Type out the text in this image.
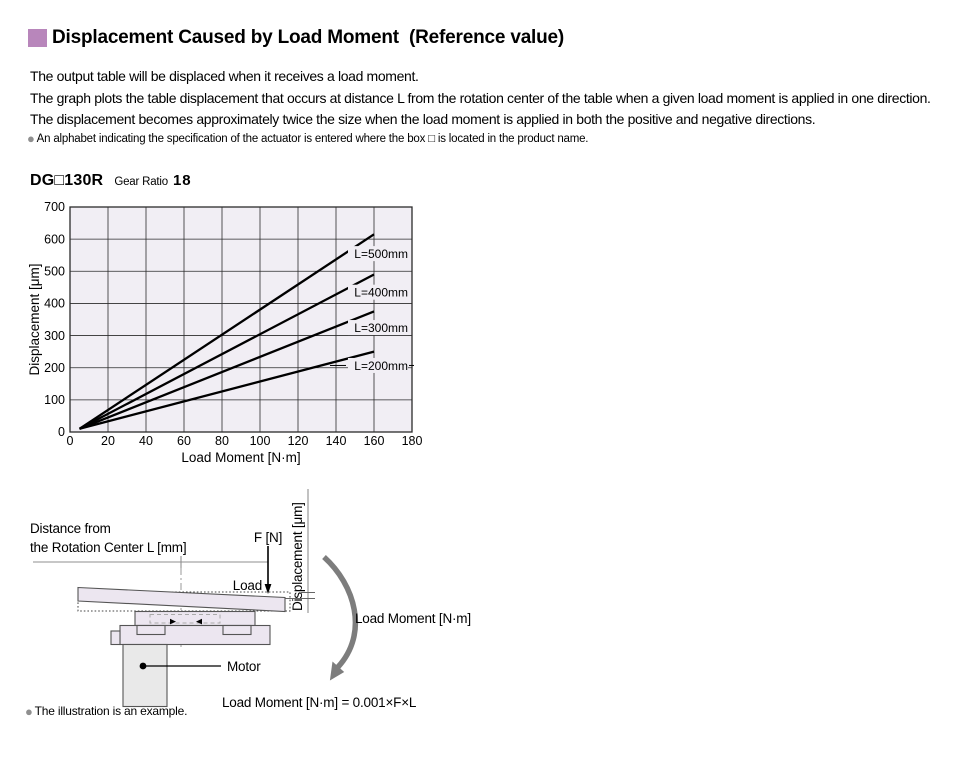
Displacement Caused by Load Moment  (Reference value)

The output table will be displaced when it receives a load moment.

The graph plots the table displacement that occurs at distance L from the rotation center of the table when a given load moment is applied in one direction.

The displacement becomes approximately twice the size when the load moment is applied in both the positive and negative directions.

● An alphabet indicating the specification of the actuator is entered where the box □ is located in the product name.
DG□130R Gear Ratio 18
L=500mm
L=400mm
L=300mm
L=200mm
0
100
200
300
400
500
600
700
0 20 40 60 80 100 120 140 160 180
Displacement [μm]
Load Moment [N·m]
Distance from
the Rotation Center L [mm]
F [N]
Load Displacement [μm]
Motor
Load Moment [N·m]
Load Moment [N·m] = 0.001×F×L
● The illustration is an example.
